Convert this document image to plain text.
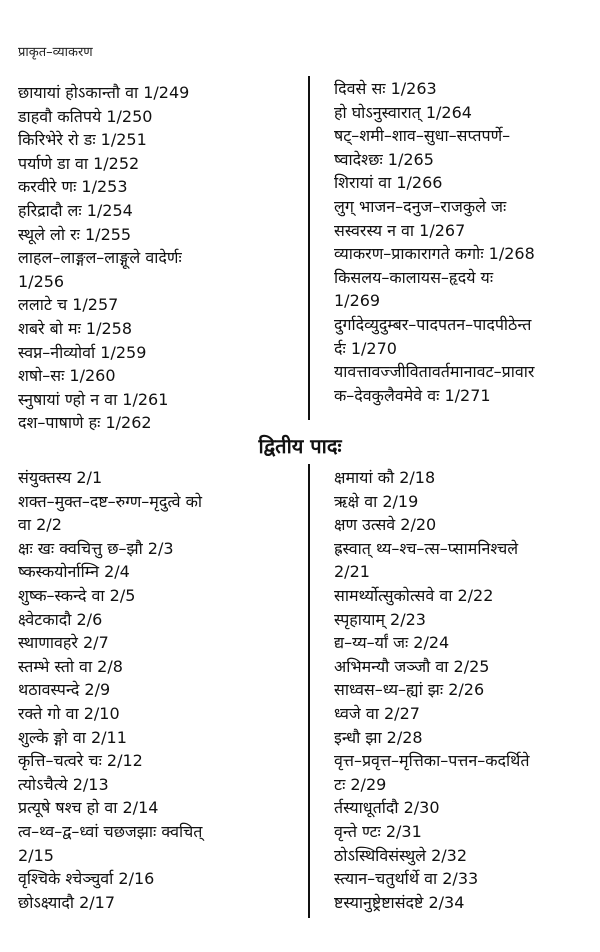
प्राकृत–व्याकरण
छायायां होऽकान्तौ वा 1/249
डाहवौ कतिपये 1/250
किरिभेरे रो डः 1/251
पर्याणे डा वा 1/252
करवीरे णः 1/253
हरिद्रादौ लः 1/254
स्थूले लो रः 1/255
लाहल–लाङ्गल–लाङ्गूले वादेर्णः
1/256
ललाटे च 1/257
शबरे बो मः 1/258
स्वप्न–नीव्योर्वा 1/259
शषो–सः 1/260
स्नुषायां ण्हो न वा 1/261
दश–पाषाणे हः 1/262
दिवसे सः 1/263
हो घोऽनुस्वारात् 1/264
षट्–शमी–शाव–सुधा–सप्तपर्णे–
ष्वादेश्छः 1/265
शिरायां वा 1/266
लुग् भाजन–दनुज–राजकुले जः
सस्वरस्य न वा 1/267
व्याकरण–प्राकारागते कगोः 1/268
किसलय–कालायस–हृदये यः
1/269
दुर्गादेव्युदुम्बर–पादपतन–पादपीठेन्त
र्दः 1/270
यावत्तावज्जीवितावर्तमानावट–प्रावार
क–देवकुलैवमेवे वः 1/271
द्वितीय पादः
संयुक्तस्य 2/1
शक्त–मुक्त–दष्ट–रुग्ण–मृदुत्वे को
वा 2/2
क्षः खः क्वचित्तु छ–झौ 2/3
ष्कस्कयोर्नाम्नि 2/4
शुष्क–स्कन्दे वा 2/5
क्ष्वेटकादौ 2/6
स्थाणावहरे 2/7
स्तम्भे स्तो वा 2/8
थठावस्पन्दे 2/9
रक्ते गो वा 2/10
शुल्के ङ्गो वा 2/11
कृत्ति–चत्वरे चः 2/12
त्योऽचैत्ये 2/13
प्रत्यूषे षश्च हो वा 2/14
त्व–थ्व–द्व–ध्वां चछजझाः क्वचित्
2/15
वृश्चिके श्चेञ्चुर्वा 2/16
छोऽक्ष्यादौ 2/17
क्षमायां कौ 2/18
ऋक्षे वा 2/19
क्षण उत्सवे 2/20
ह्रस्वात् थ्य–श्च–त्स–प्सामनिश्चले
2/21
सामर्थ्योत्सुकोत्सवे वा 2/22
स्पृहायाम् 2/23
द्य–य्य–र्यां जः 2/24
अभिमन्यौ जञ्जौ वा 2/25
साध्वस–ध्य–ह्यां झः 2/26
ध्वजे वा 2/27
इन्धौ झा 2/28
वृत्त–प्रवृत्त–मृत्तिका–पत्तन–कदर्थिते
टः 2/29
र्तस्याधूर्तादौ 2/30
वृन्ते ण्टः 2/31
ठोऽस्थिविसंस्थुले 2/32
स्त्यान–चतुर्थार्थे वा 2/33
ष्टस्यानुष्ट्रेष्टासंदष्टे 2/34
